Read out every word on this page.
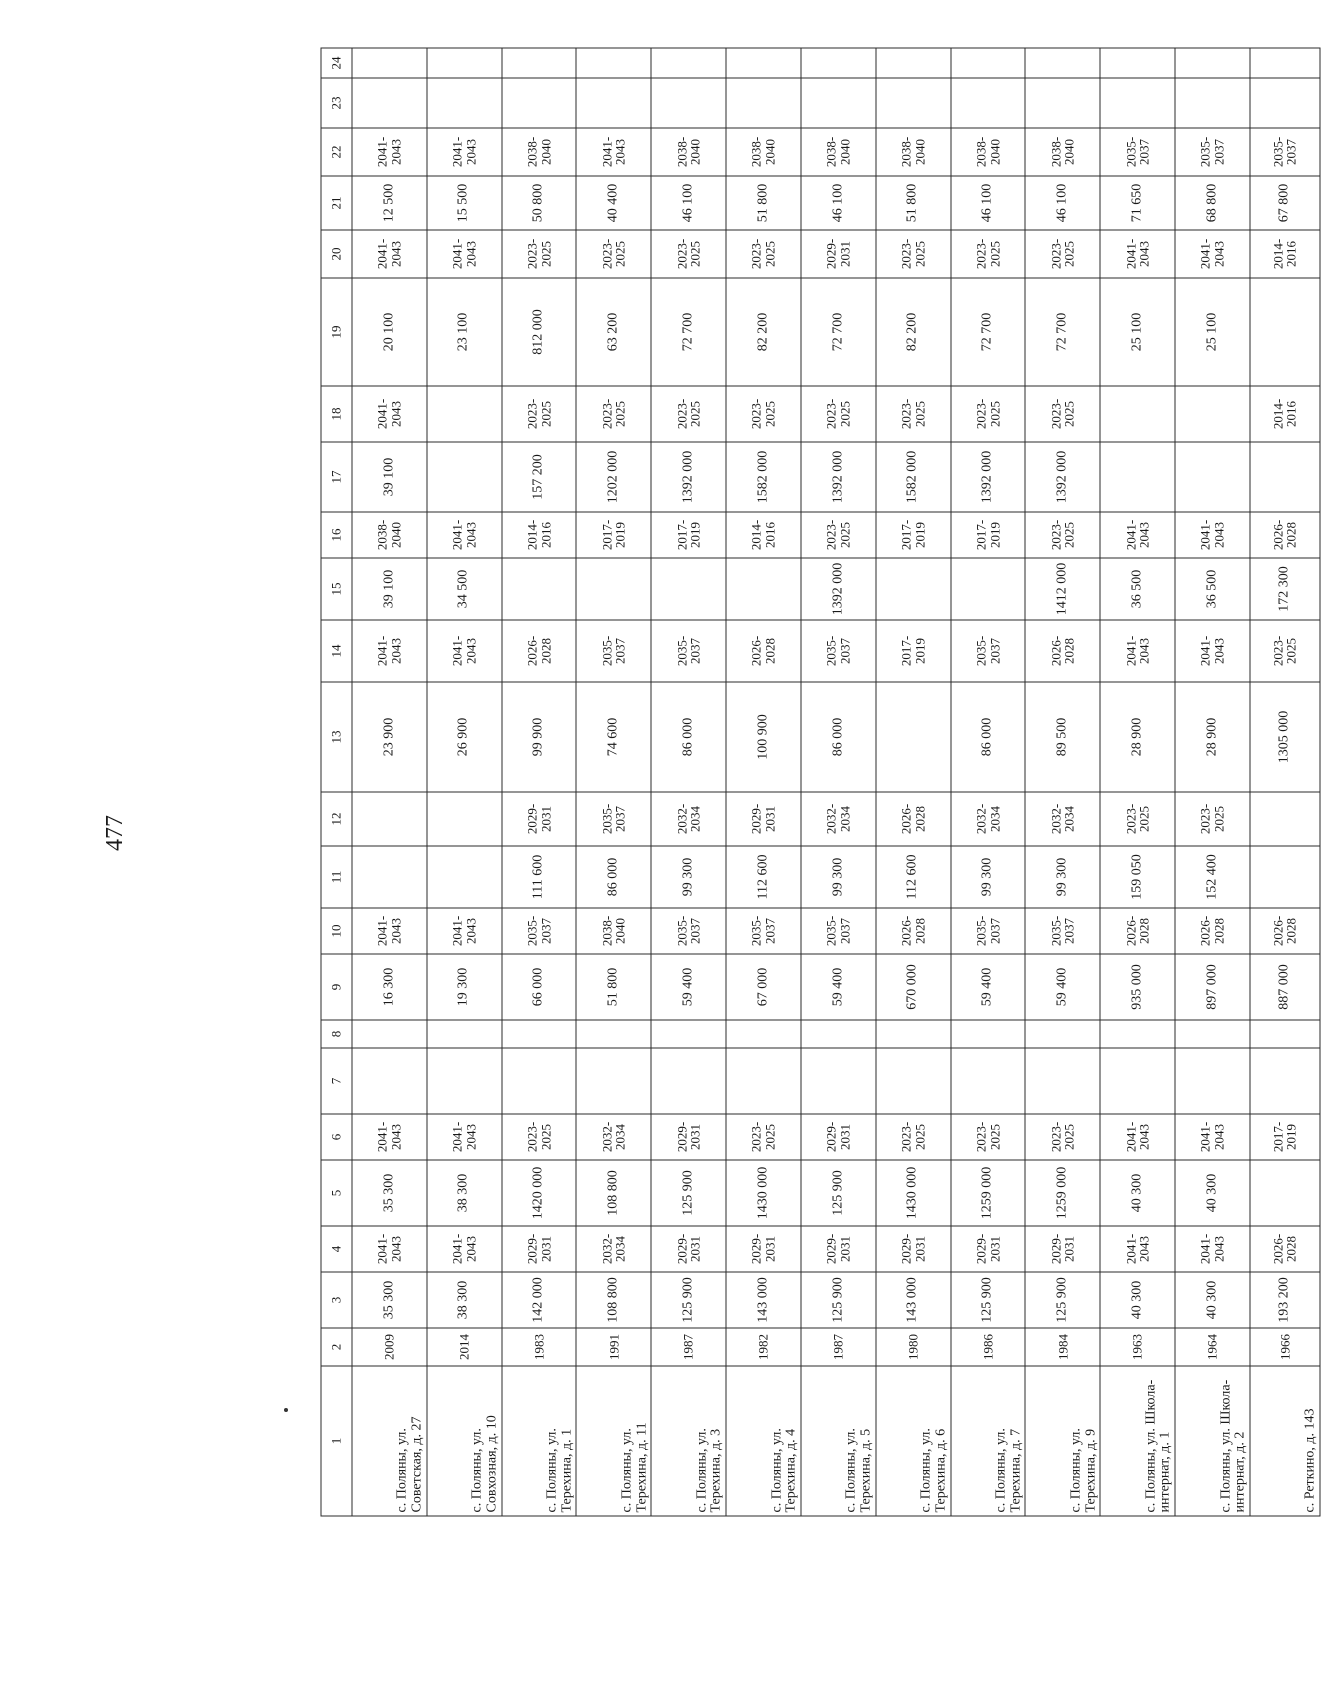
477
1	2	3	4	5	6	7	8	9	10	11	12	13	14	15	16	17	18	19	20	21	22	23	24
с. Поляны, ул. Советская, д. 27	2009	35 300	2041-
2043	35 300	2041-
2043			16 300	2041-
2043			23 900	2041-
2043	39 100	2038-
2040	39 100	2041-
2043	20 100	2041-
2043	12 500	2041-
2043		
с. Поляны, ул. Совхозная, д. 10	2014	38 300	2041-
2043	38 300	2041-
2043			19 300	2041-
2043			26 900	2041-
2043	34 500	2041-
2043			23 100	2041-
2043	15 500	2041-
2043		
с. Поляны, ул. Терехина, д. 1	1983	142 000	2029-
2031	1420 000	2023-
2025			66 000	2035-
2037	111 600	2029-
2031	99 900	2026-
2028		2014-
2016	157 200	2023-
2025	812 000	2023-
2025	50 800	2038-
2040		
с. Поляны, ул. Терехина, д. 11	1991	108 800	2032-
2034	108 800	2032-
2034			51 800	2038-
2040	86 000	2035-
2037	74 600	2035-
2037		2017-
2019	1202 000	2023-
2025	63 200	2023-
2025	40 400	2041-
2043		
с. Поляны, ул. Терехина, д. 3	1987	125 900	2029-
2031	125 900	2029-
2031			59 400	2035-
2037	99 300	2032-
2034	86 000	2035-
2037		2017-
2019	1392 000	2023-
2025	72 700	2023-
2025	46 100	2038-
2040		
с. Поляны, ул. Терехина, д. 4	1982	143 000	2029-
2031	1430 000	2023-
2025			67 000	2035-
2037	112 600	2029-
2031	100 900	2026-
2028		2014-
2016	1582 000	2023-
2025	82 200	2023-
2025	51 800	2038-
2040		
с. Поляны, ул. Терехина, д. 5	1987	125 900	2029-
2031	125 900	2029-
2031			59 400	2035-
2037	99 300	2032-
2034	86 000	2035-
2037	1392 000	2023-
2025	1392 000	2023-
2025	72 700	2029-
2031	46 100	2038-
2040		
с. Поляны, ул. Терехина, д. 6	1980	143 000	2029-
2031	1430 000	2023-
2025			670 000	2026-
2028	112 600	2026-
2028		2017-
2019		2017-
2019	1582 000	2023-
2025	82 200	2023-
2025	51 800	2038-
2040		
с. Поляны, ул. Терехина, д. 7	1986	125 900	2029-
2031	1259 000	2023-
2025			59 400	2035-
2037	99 300	2032-
2034	86 000	2035-
2037		2017-
2019	1392 000	2023-
2025	72 700	2023-
2025	46 100	2038-
2040		
с. Поляны, ул. Терехина, д. 9	1984	125 900	2029-
2031	1259 000	2023-
2025			59 400	2035-
2037	99 300	2032-
2034	89 500	2026-
2028	1412 000	2023-
2025	1392 000	2023-
2025	72 700	2023-
2025	46 100	2038-
2040		
с. Поляны, ул. Школа-интернат, д. 1	1963	40 300	2041-
2043	40 300	2041-
2043			935 000	2026-
2028	159 050	2023-
2025	28 900	2041-
2043	36 500	2041-
2043			25 100	2041-
2043	71 650	2035-
2037		
с. Поляны, ул. Школа-интернат, д. 2	1964	40 300	2041-
2043	40 300	2041-
2043			897 000	2026-
2028	152 400	2023-
2025	28 900	2041-
2043	36 500	2041-
2043			25 100	2041-
2043	68 800	2035-
2037		
с. Реткино, д. 143	1966	193 200	2026-
2028		2017-
2019			887 000	2026-
2028			1305 000	2023-
2025	172 300	2026-
2028		2014-
2016		2014-
2016	67 800	2035-
2037		
